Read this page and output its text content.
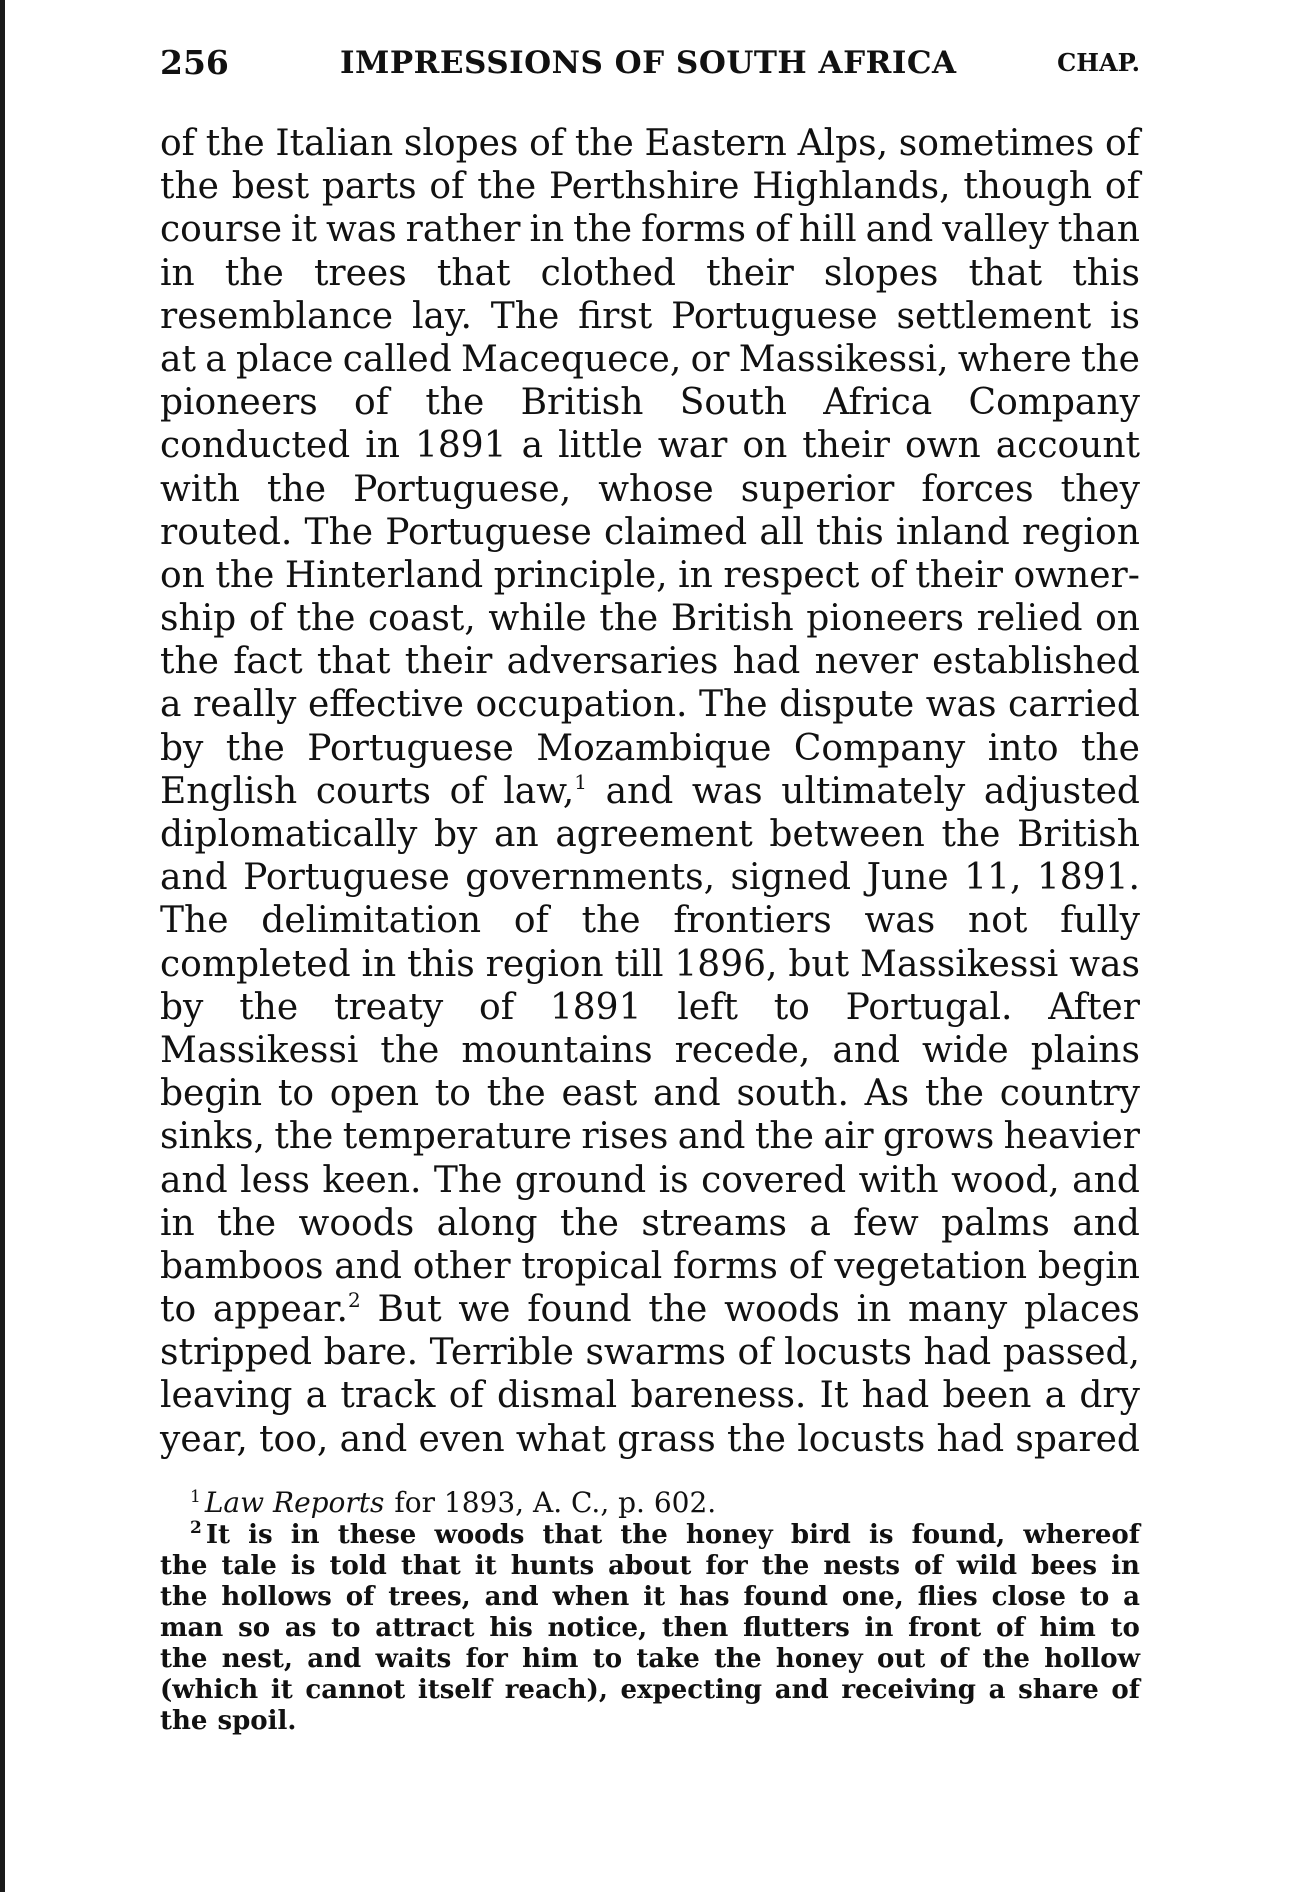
256	IMPRESSIONS OF SOUTH AFRICA	CHAP.
of the Italian slopes of the Eastern Alps, sometimes of
the best parts of the Perthshire Highlands, though of
course it was rather in the forms of hill and valley than
in the trees that clothed their slopes that this
resemblance lay. The first Portuguese settlement is
at a place called Macequece, or Massikessi, where the
pioneers of the British South Africa Company
conducted in 1891 a little war on their own account
with the Portuguese, whose superior forces they
routed. The Portuguese claimed all this inland region
on the Hinterland principle, in respect of their owner-
ship of the coast, while the British pioneers relied on
the fact that their adversaries had never established
a really effective occupation. The dispute was carried
by the Portuguese Mozambique Company into the
English courts of law,$^1$ and was ultimately adjusted
diplomatically by an agreement between the British
and Portuguese governments, signed June 11, 1891.
The delimitation of the frontiers was not fully
completed in this region till 1896, but Massikessi was
by the treaty of 1891 left to Portugal. After
Massikessi the mountains recede, and wide plains
begin to open to the east and south. As the country
sinks, the temperature rises and the air grows heavier
and less keen. The ground is covered with wood, and
in the woods along the streams a few palms and
bamboos and other tropical forms of vegetation begin
to appear.$^2$ But we found the woods in many places
stripped bare. Terrible swarms of locusts had passed,
leaving a track of dismal bareness. It had been a dry
year, too, and even what grass the locusts had spared
$^1$ Law Reports for 1893, A. C., p. 602.
$^2$ It is in these woods that the honey bird is found, whereof
the tale is told that it hunts about for the nests of wild bees in
the hollows of trees, and when it has found one, flies close to a
man so as to attract his notice, then flutters in front of him to
the nest, and waits for him to take the honey out of the hollow
(which it cannot itself reach), expecting and receiving a share of
the spoil.
